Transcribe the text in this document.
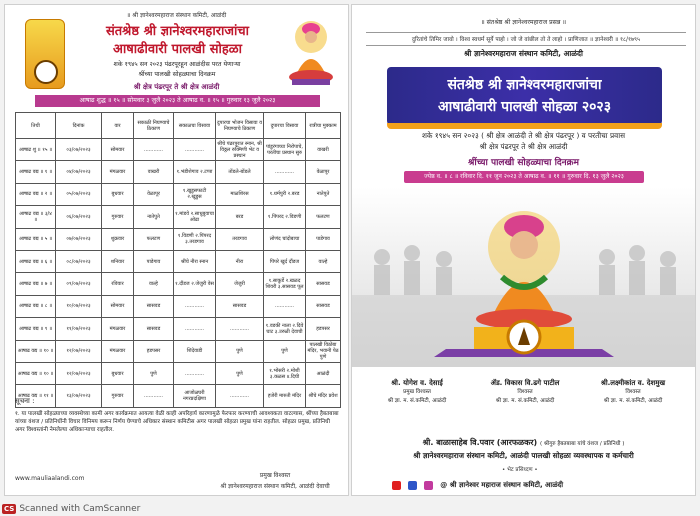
॥ श्री ज्ञानेश्वरमहाराज संस्थान कमिटी, आळंदी
संतश्रेष्ठ श्री ज्ञानेश्वरमहाराजांचा
आषाढीवारी पालखी सोहळा
शके १९४५ सन २०२३ पंढरपूरहून आळंदीस परत येणाऱ्या
श्रींच्या पालखी सोहळ्याचा दिनक्रम
श्री क्षेत्र पंढरपूर ते श्री क्षेत्र आळंदी
आषाढ शुद्ध ॥ १५ ॥ सोमवार ३ जुलै २०२३ ते आषाढ व. ॥ १५ ॥ गुरुवार १३ जुलै २०२३
तिथी	दिनांक	वार	सकाळी निघण्याचे ठिकाण	सकाळचा विसावा	दुपारचा भोजन विसावा व निघण्याचे ठिकाण	दुपारचा विसावा	रात्रीचा मुक्काम
आषाढ शु ॥ १५ ॥	०३/०७/२०२३	सोमवार	............	............	श्रींचे पंढरपुरात स्नान, श्री विठ्ठल रुक्मिणी भेट व प्रस्थान	पांडुरंगाच्या निरोपाचे, परतीचा प्रस्थान सुरु	वाखरी
आषाढ वद्य ॥ १ ॥	०४/०७/२०२३	मंगळवार	वाखरी	१.भंडीशेगाव २.टप्पा	तोंडले-बोंडले	............	वेळापूर
आषाढ वद्य ॥ २ ॥	०५/०७/२०२३	बुधवार	वेळापूर	१.खुडुसफाटी २.खुडुस	माळशिरस	१.धर्मपुरी २.बरड	नातेपुते
आषाढ वद्य ॥ ३/४ ॥	०६/०७/२०२३	गुरुवार	नातेपुते	१.मांडवे २.साधुबुवाचा ओढा	बरड	१.पिंपरद २.विडणी	फलटण
आषाढ वद्य ॥ ५ ॥	०७/०७/२०२३	शुक्रवार	फलटण	१.विडणी २.पिंपरद ३.तरडगाव	तरडगाव	लोणंद चांदोबाचा	पाडेगाव
आषाढ वद्य ॥ ६ ॥	०८/०७/२०२३	शनिवार	पाडेगाव	श्रींचे नीरा स्नान	नीरा	पिंपरे खुर्द दौंडज	वाल्हे
आषाढ वद्य ॥ ७ ॥	०९/०७/२०२३	रविवार	वाल्हे	१.दौंडज २.जेजुरी वेस	जेजुरी	१.साकुर्डे २.खळद शिवरी ३.सासवड पूल	सासवड
आषाढ वद्य ॥ ८ ॥	१०/०७/२०२३	सोमवार	सासवड	............	सासवड	............	सासवड
आषाढ वद्य ॥ ९ ॥	११/०७/२०२३	मंगळवार	सासवड	............	............	१.वडकी नाला २.दिवे घाट ३.उरुळी देवाची	हडपसर
आषाढ वद्य ॥ १० ॥	१२/०७/२०२३	मंगळवार	हडपसर	शिंदेवाडी	पुणे	पुणे	पालखी विठोबा मंदिर, भवानी पेठ पुणे
आषाढ वद्य ॥ १० ॥	१२/०७/२०२३	बुधवार	पुणे	............	पुणे	१.भोसरी २.मोशी ३.कळस ४.दिघी	आळंदी
आषाढ वद्य ॥ ११ ॥	१३/०७/२०२३	गुरुवार	............	आजोळघरी नगरप्रदक्षिणा	............	हजेरी मारुती मंदिर	श्रींचे मंदिर प्रवेश
सूचना :
१. या पालखी सोहळ्याच्या व्यवस्थेच्या कामी अगर कार्यक्रमात आयत्या वेळी काही अपरिहार्य कारणामुळे फेरफार करण्याची आवश्यकता वाटल्यास, श्रींच्या हैबतबाबा यांच्या वंशज / प्रतिनिधींनी विचार विनिमय करून निर्णय घेण्याचे अधिकार संस्थान कमिटीस अगर पालखी सोहळा प्रमुख यांना राहतील. सोहळा प्रमुख, प्रतिनिधी अगर विश्वस्तांनी नेमलेल्या अधिकाऱ्याचा राहतील.
www.mauliaalandi.com	प्रमुख विश्वस्त
श्री ज्ञानेश्वरमहाराज संस्थान कमिटी, आळंदी देवाची
॥ संतश्रेष्ठ श्री ज्ञानेश्वरमहाराज प्रसन्न ॥
दुरितांचे तिमिर जावो । विश्व स्वधर्म सूर्ये पाहो । जो जे वांछील तो ते लाहो । प्राणिजात ॥ ज्ञानेश्वरी ॥ १८/१७९५
श्री ज्ञानेश्वरमहाराज संस्थान कमिटी, आळंदी
संतश्रेष्ठ श्री ज्ञानेश्वरमहाराजांचा
आषाढीवारी पालखी सोहळा २०२३
शके १९४५ सन २०२३ ( श्री क्षेत्र आळंदी ते श्री क्षेत्र पंढरपूर ) व परतीचा प्रवास
श्री क्षेत्र पंढरपूर ते श्री क्षेत्र आळंदी
श्रींच्या पालखी सोहळ्याचा दिनक्रम
ज्येष्ठ व. ॥ ८ ॥ रविवार दि. ११ जुन २०२३ ते आषाढ व. ॥ ११ ॥ गुरुवार दि. १३ जुलै २०२३
श्री. योगेश व. देसाई
प्रमुख विश्वस्त
श्री ज्ञा. म. सं.कमिटी, आळंदी
ॲड. विकास वि.ढगे पाटील
विश्वस्त
श्री ज्ञा. म. सं.कमिटी, आळंदी
श्री.लक्ष्मीकांत व. देशमुख
विश्वस्त
श्री ज्ञा. म. सं.कमिटी, आळंदी
श्री. बाळासाहेब वि.पवार (आरफळकर) ( श्रीगुरु हैबतबाबा यांचे वंशज / प्रतिनिधी )
श्री ज्ञानेश्वरमहाराज संस्थान कमिटी, आळंदी पालखी सोहळा व्यवस्थापक व कर्मचारी
• भेट प्रसिध्दण •
@ श्री ज्ञानेश्वर महाराज संस्थान कमिटी, आळंदी
CS Scanned with CamScanner
